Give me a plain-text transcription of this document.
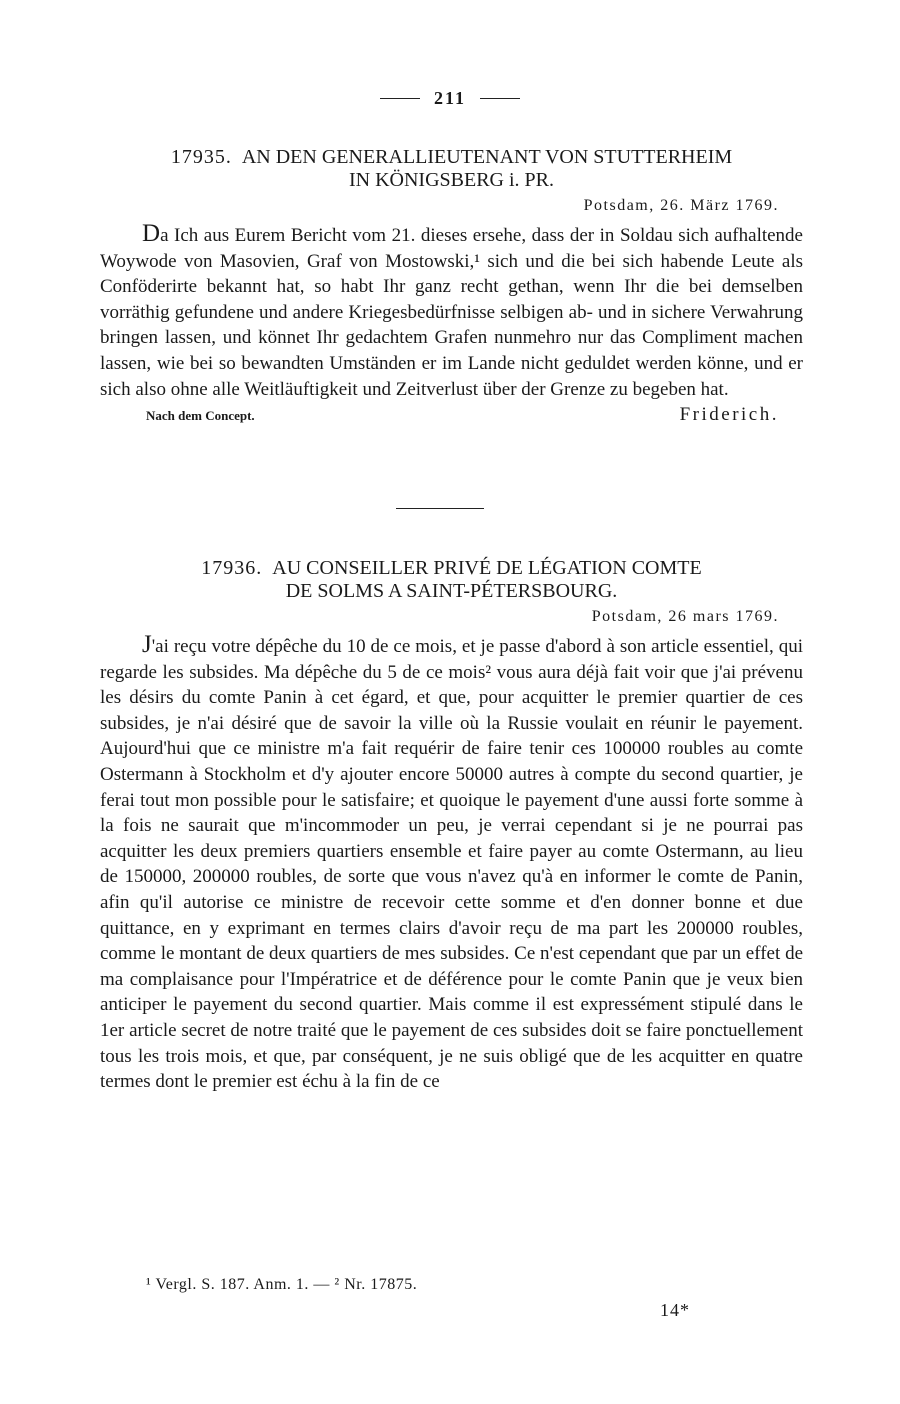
211

17935. AN DEN GENERALLIEUTENANT VON STUTTERHEIM
IN KÖNIGSBERG i. PR.

Potsdam, 26. März 1769.

Da Ich aus Eurem Bericht vom 21. dieses ersehe, dass der in Soldau sich aufhaltende Woywode von Masovien, Graf von Mostowski,¹ sich und die bei sich habende Leute als Conföderirte bekannt hat, so habt Ihr ganz recht gethan, wenn Ihr die bei demselben vorräthig gefundene und andere Kriegesbedürfnisse selbigen ab- und in sichere Verwahrung bringen lassen, und könnet Ihr gedachtem Grafen nunmehro nur das Compliment machen lassen, wie bei so bewandten Umständen er im Lande nicht geduldet werden könne, und er sich also ohne alle Weitläuftigkeit und Zeitverlust über der Grenze zu begeben hat.

Nach dem Concept.	Friderich.

17936. AU CONSEILLER PRIVÉ DE LÉGATION COMTE
DE SOLMS A SAINT-PÉTERSBOURG.

Potsdam, 26 mars 1769.

J'ai reçu votre dépêche du 10 de ce mois, et je passe d'abord à son article essentiel, qui regarde les subsides. Ma dépêche du 5 de ce mois² vous aura déjà fait voir que j'ai prévenu les désirs du comte Panin à cet égard, et que, pour acquitter le premier quartier de ces subsides, je n'ai désiré que de savoir la ville où la Russie voulait en réunir le payement. Aujourd'hui que ce ministre m'a fait requérir de faire tenir ces 100000 roubles au comte Ostermann à Stockholm et d'y ajouter encore 50000 autres à compte du second quartier, je ferai tout mon possible pour le satisfaire; et quoique le payement d'une aussi forte somme à la fois ne saurait que m'incommoder un peu, je verrai cependant si je ne pourrai pas acquitter les deux premiers quartiers ensemble et faire payer au comte Ostermann, au lieu de 150000, 200000 roubles, de sorte que vous n'avez qu'à en informer le comte de Panin, afin qu'il autorise ce ministre de recevoir cette somme et d'en donner bonne et due quittance, en y exprimant en termes clairs d'avoir reçu de ma part les 200000 roubles, comme le montant de deux quartiers de mes subsides. Ce n'est cependant que par un effet de ma complaisance pour l'Impératrice et de déférence pour le comte Panin que je veux bien anticiper le payement du second quartier. Mais comme il est expressément stipulé dans le 1er article secret de notre traité que le payement de ces subsides doit se faire ponctuellement tous les trois mois, et que, par conséquent, je ne suis obligé que de les acquitter en quatre termes dont le premier est échu à la fin de ce

¹ Vergl. S. 187. Anm. 1. — ² Nr. 17875.
14*
